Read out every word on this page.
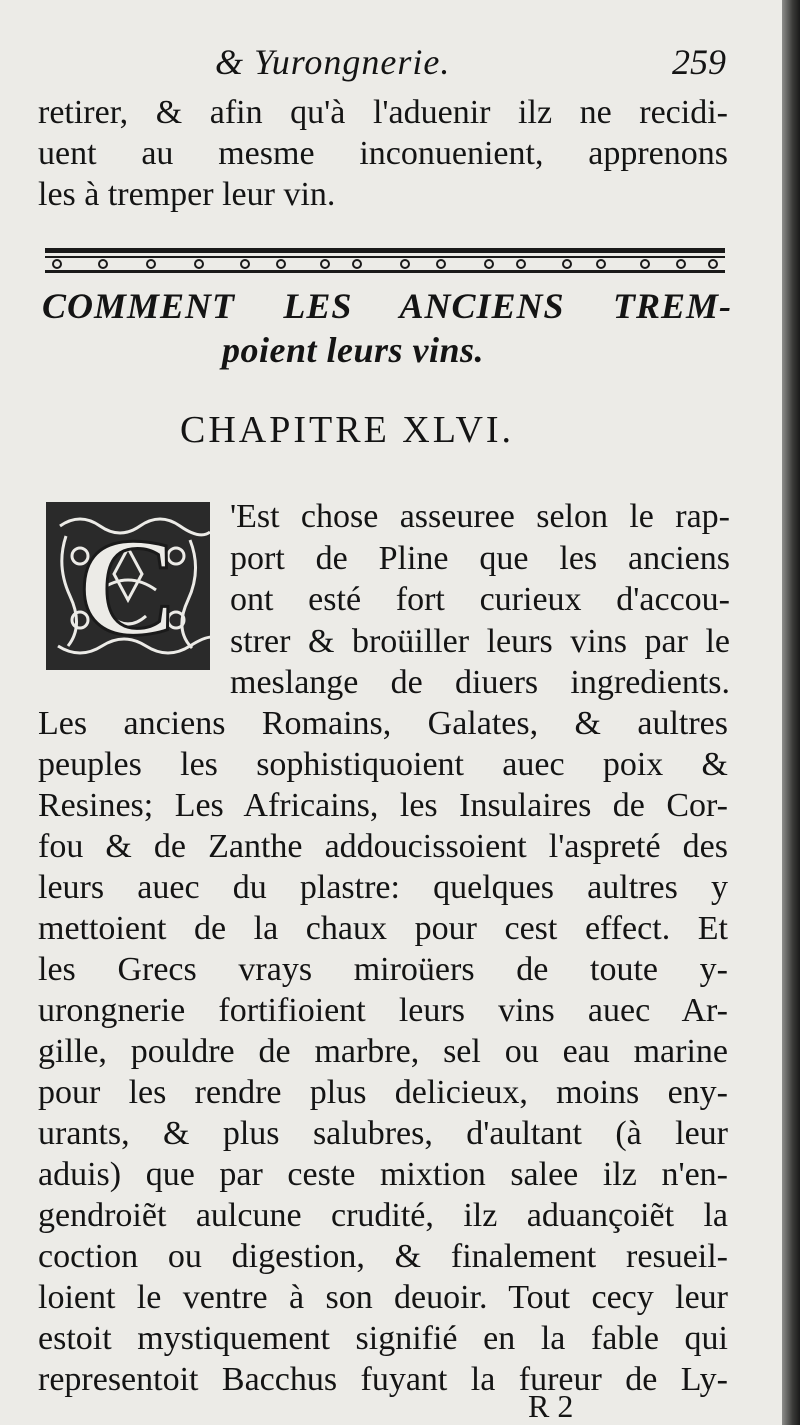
& Yurongnerie.	259
retirer, & afin qu'à l'aduenir ilz ne recidi-
uent au mesme inconuenient, apprenons
les à tremper leur vin.
COMMENT LES ANCIENS TREM-
poient leurs vins.
CHAPITRE XLVI.
C 'Est chose asseuree selon le rap-
port de Pline que les anciens
ont esté fort curieux d'accou-
strer & broüiller leurs vins par le
meslange de diuers ingredients.
Les anciens Romains, Galates, & aultres
peuples les sophistiquoient auec poix &
Resines; Les Africains, les Insulaires de Cor-
fou & de Zanthe addoucissoient l'aspreté des
leurs auec du plastre: quelques aultres y
mettoient de la chaux pour cest effect. Et
les Grecs vrays miroüers de toute y-
urongnerie fortifioient leurs vins auec Ar-
gille, pouldre de marbre, sel ou eau marine
pour les rendre plus delicieux, moins eny-
urants, & plus salubres, d'aultant (à leur
aduis) que par ceste mixtion salee ilz n'en-
gendroiẽt aulcune crudité, ilz aduançoiẽt la
coction ou digestion, & finalement resueil-
loient le ventre à son deuoir. Tout cecy leur
estoit mystiquement signifié en la fable qui
representoit Bacchus fuyant la fureur de Ly-
R 2
